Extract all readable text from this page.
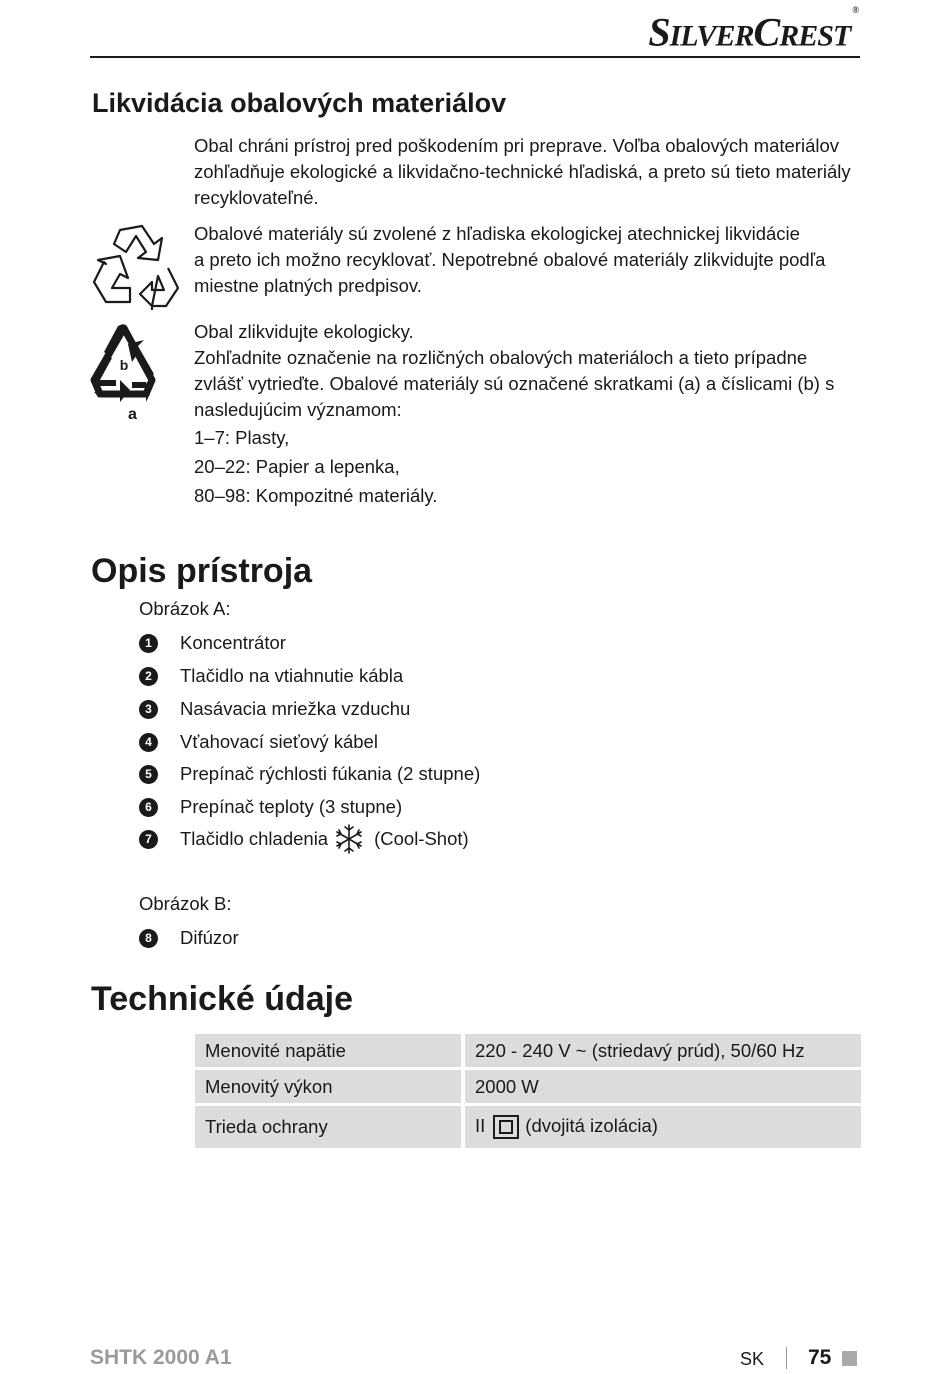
SILVERCREST®
Likvidácia obalových materiálov

Obal chráni prístroj pred poškodením pri preprave. Voľba obalových materiálov
zohľadňuje ekologické a likvidačno-technické hľadiská, a preto sú tieto materiály
recyklovateľné.

Obalové materiály sú zvolené z hľadiska ekologickej atechnickej likvidácie
a preto ich možno recyklovať. Nepotrebné obalové materiály zlikvidujte podľa
miestne platných predpisov.

b
a

Obal zlikvidujte ekologicky.
Zohľadnite označenie na rozličných obalových materiáloch a tieto prípadne
zvlášť vytrieďte. Obalové materiály sú označené skratkami (a) a číslicami (b) s
nasledujúcim významom:
1–7: Plasty,
20–22: Papier a lepenka,
80–98: Kompozitné materiály.

Opis prístroja
Obrázok A:
1	Koncentrátor
2	Tlačidlo na vtiahnutie kábla
3	Nasávacia mriežka vzduchu
4	Vťahovací sieťový kábel
5	Prepínač rýchlosti fúkania (2 stupne)
6	Prepínač teploty (3 stupne)
7	Tlačidlo chladenia (Cool-Shot)
Obrázok B:
8	Difúzor
Technické údaje
Menovité napätie	220 - 240 V ~ (striedavý prúd), 50/60 Hz
Menovitý výkon	2000 W
Trieda ochrany	II (dvojitá izolácia)
SHTK 2000 A1	SK 75
